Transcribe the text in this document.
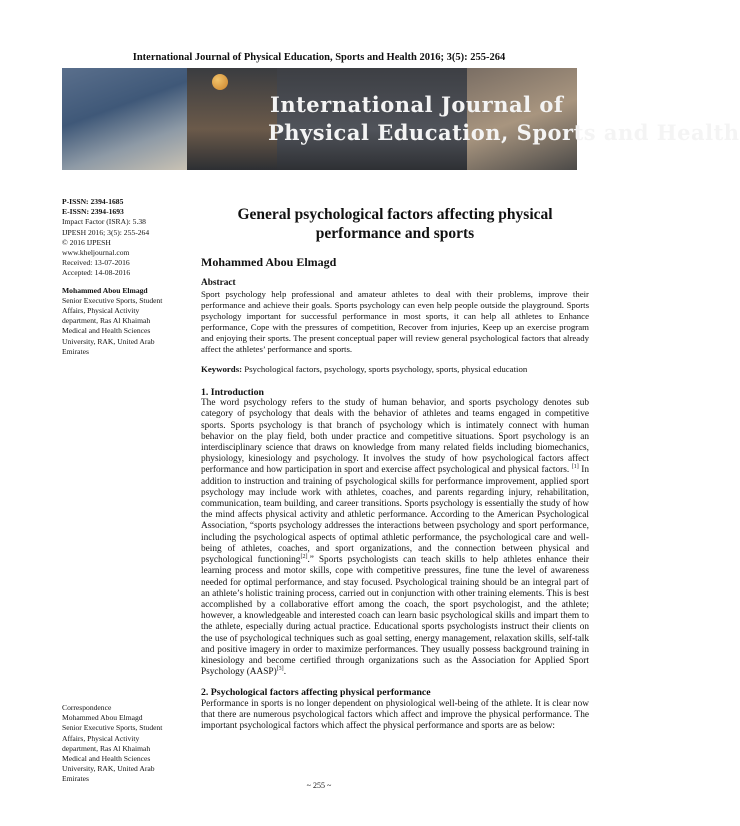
International Journal of Physical Education, Sports and Health 2016; 3(5): 255-264
International Journal of
Physical Education, Sports and Health
P-ISSN: 2394-1685
E-ISSN: 2394-1693
Impact Factor (ISRA): 5.38
IJPESH 2016; 3(5): 255-264
© 2016 IJPESH
www.kheljournal.com
Received: 13-07-2016
Accepted: 14-08-2016
Mohammed Abou Elmagd
Senior Executive Sports, Student
Affairs, Physical Activity
department, Ras Al Khaimah
Medical and Health Sciences
University, RAK, United Arab
Emirates
Correspondence
Mohammed Abou Elmagd
Senior Executive Sports, Student
Affairs, Physical Activity
department, Ras Al Khaimah
Medical and Health Sciences
University, RAK, United Arab
Emirates
General psychological factors affecting physical
performance and sports
Mohammed Abou Elmagd
Abstract
Sport psychology help professional and amateur athletes to deal with their problems, improve their performance and achieve their goals. Sports psychology can even help people outside the playground. Sports psychology important for successful performance in most sports, it can help all athletes to Enhance performance, Cope with the pressures of competition, Recover from injuries, Keep up an exercise program and enjoying their sports. The present conceptual paper will review general psychological factors that already affect the athletes’ performance and sports.
Keywords: Psychological factors, psychology, sports psychology, sports, physical education
1. Introduction
The word psychology refers to the study of human behavior, and sports psychology denotes sub category of psychology that deals with the behavior of athletes and teams engaged in competitive sports. Sports psychology is that branch of psychology which is intimately connect with human behavior on the play field, both under practice and competitive situations. Sport psychology is an interdisciplinary science that draws on knowledge from many related fields including biomechanics, physiology, kinesiology and psychology. It involves the study of how psychological factors affect performance and how participation in sport and exercise affect psychological and physical factors. [1] In addition to instruction and training of psychological skills for performance improvement, applied sport psychology may include work with athletes, coaches, and parents regarding injury, rehabilitation, communication, team building, and career transitions. Sports psychology is essentially the study of how the mind affects physical activity and athletic performance. According to the American Psychological Association, “sports psychology addresses the interactions between psychology and sport performance, including the psychological aspects of optimal athletic performance, the psychological care and well-being of athletes, coaches, and sport organizations, and the connection between physical and psychological functioning[2].” Sports psychologists can teach skills to help athletes enhance their learning process and motor skills, cope with competitive pressures, fine tune the level of awareness needed for optimal performance, and stay focused. Psychological training should be an integral part of an athlete’s holistic training process, carried out in conjunction with other training elements. This is best accomplished by a collaborative effort among the coach, the sport psychologist, and the athlete; however, a knowledgeable and interested coach can learn basic psychological skills and impart them to the athlete, especially during actual practice. Educational sports psychologists instruct their clients on the use of psychological techniques such as goal setting, energy management, relaxation skills, self-talk and positive imagery in order to maximize performances. They usually possess background training in kinesiology and become certified through organizations such as the Association for Applied Sport Psychology (AASP)[3].
2. Psychological factors affecting physical performance
Performance in sports is no longer dependent on physiological well-being of the athlete. It is clear now that there are numerous psychological factors which affect and improve the physical performance. The important psychological factors which affect the physical performance and sports are as below:
~ 255 ~
